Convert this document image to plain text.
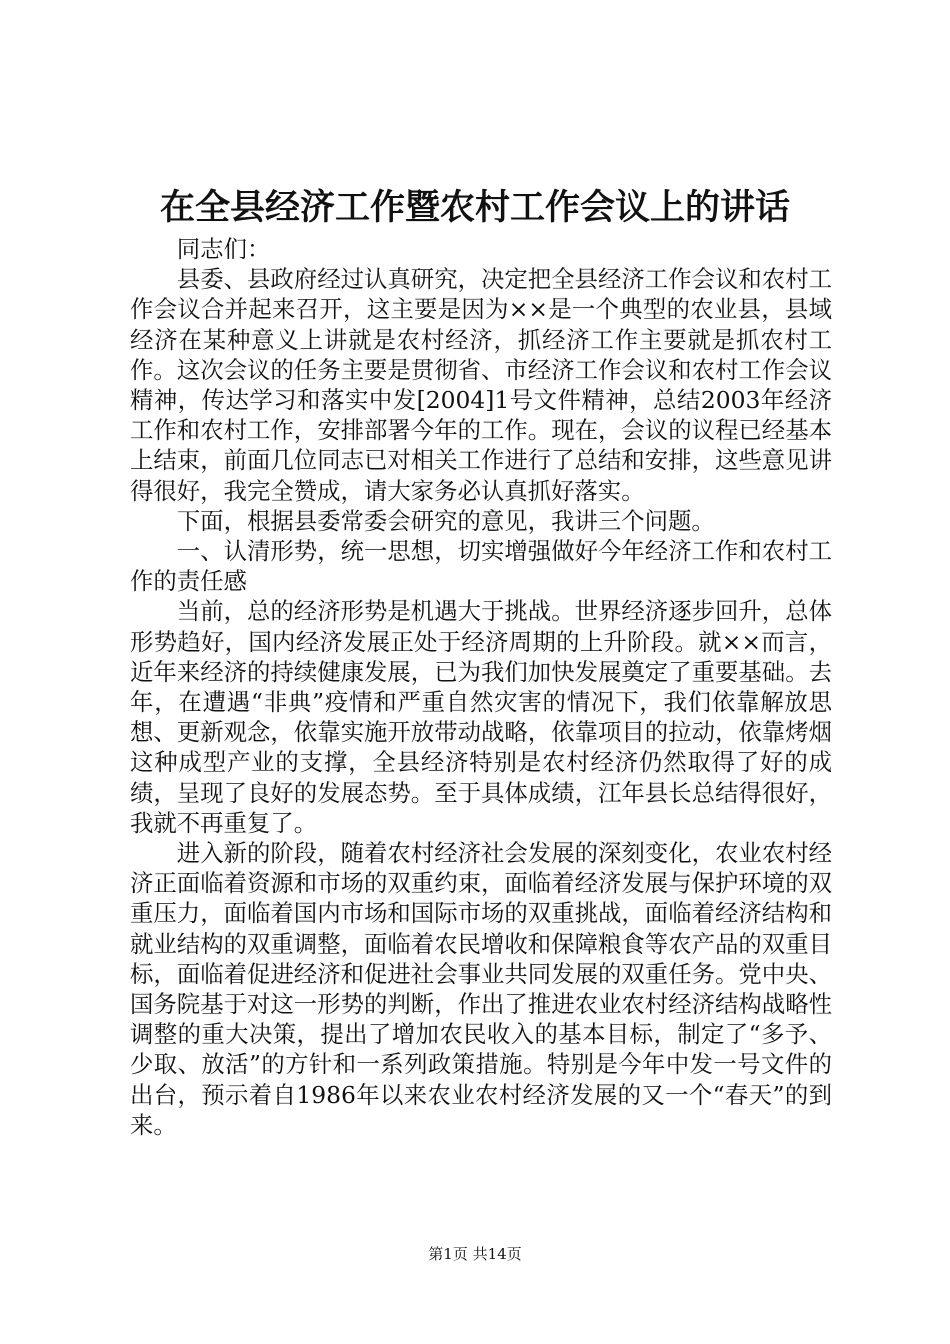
在全县经济工作暨农村工作会议上的讲话

同志们：

县委、县政府经过认真研究，决定把全县经济工作会议和农村工作会议合并起来召开，这主要是因为××是一个典型的农业县，县域经济在某种意义上讲就是农村经济，抓经济工作主要就是抓农村工作。这次会议的任务主要是贯彻省、市经济工作会议和农村工作会议精神，传达学习和落实中发[2004]1号文件精神，总结2003年经济工作和农村工作，安排部署今年的工作。现在，会议的议程已经基本上结束，前面几位同志已对相关工作进行了总结和安排，这些意见讲得很好，我完全赞成，请大家务必认真抓好落实。

下面，根据县委常委会研究的意见，我讲三个问题。

一、认清形势，统一思想，切实增强做好今年经济工作和农村工作的责任感

当前，总的经济形势是机遇大于挑战。世界经济逐步回升，总体形势趋好，国内经济发展正处于经济周期的上升阶段。就××而言，近年来经济的持续健康发展，已为我们加快发展奠定了重要基础。去年，在遭遇“非典”疫情和严重自然灾害的情况下，我们依靠解放思想、更新观念，依靠实施开放带动战略，依靠项目的拉动，依靠烤烟这种成型产业的支撑，全县经济特别是农村经济仍然取得了好的成绩，呈现了良好的发展态势。至于具体成绩，江年县长总结得很好，我就不再重复了。

进入新的阶段，随着农村经济社会发展的深刻变化，农业农村经济正面临着资源和市场的双重约束，面临着经济发展与保护环境的双重压力，面临着国内市场和国际市场的双重挑战，面临着经济结构和就业结构的双重调整，面临着农民增收和保障粮食等农产品的双重目标，面临着促进经济和促进社会事业共同发展的双重任务。党中央、国务院基于对这一形势的判断，作出了推进农业农村经济结构战略性调整的重大决策，提出了增加农民收入的基本目标，制定了“多予、少取、放活”的方针和一系列政策措施。特别是今年中发一号文件的出台，预示着自1986年以来农业农村经济发展的又一个“春天”的到来。

第1页 共14页
